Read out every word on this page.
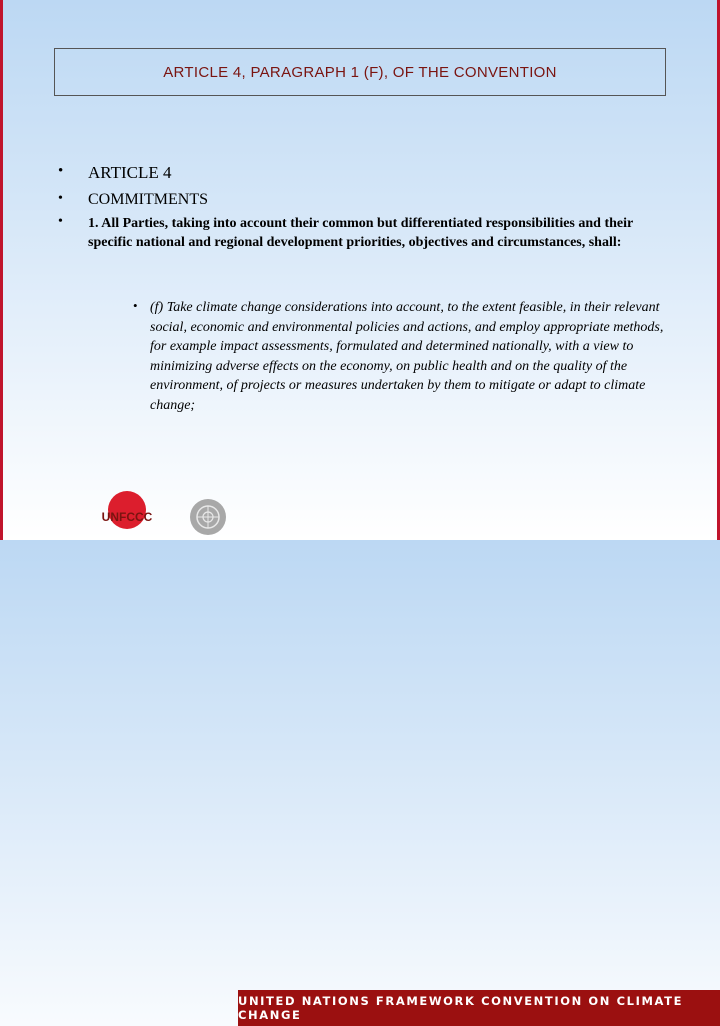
ARTICLE 4, PARAGRAPH 1 (F), OF THE CONVENTION
•	ARTICLE 4
•	COMMITMENTS
•	1. All Parties, taking into account their common but differentiated responsibilities and their specific national and regional development priorities, objectives and circumstances, shall:
• (f) Take climate change considerations into account, to the extent feasible, in their relevant social, economic and environmental policies and actions, and employ appropriate methods, for example impact assessments, formulated and determined nationally, with a view to minimizing adverse effects on the economy, on public health and on the quality of the environment, of projects or measures undertaken by them to mitigate or adapt to climate change;
UNFCCC
UNITED NATIONS FRAMEWORK CONVENTION ON CLIMATE CHANGE
